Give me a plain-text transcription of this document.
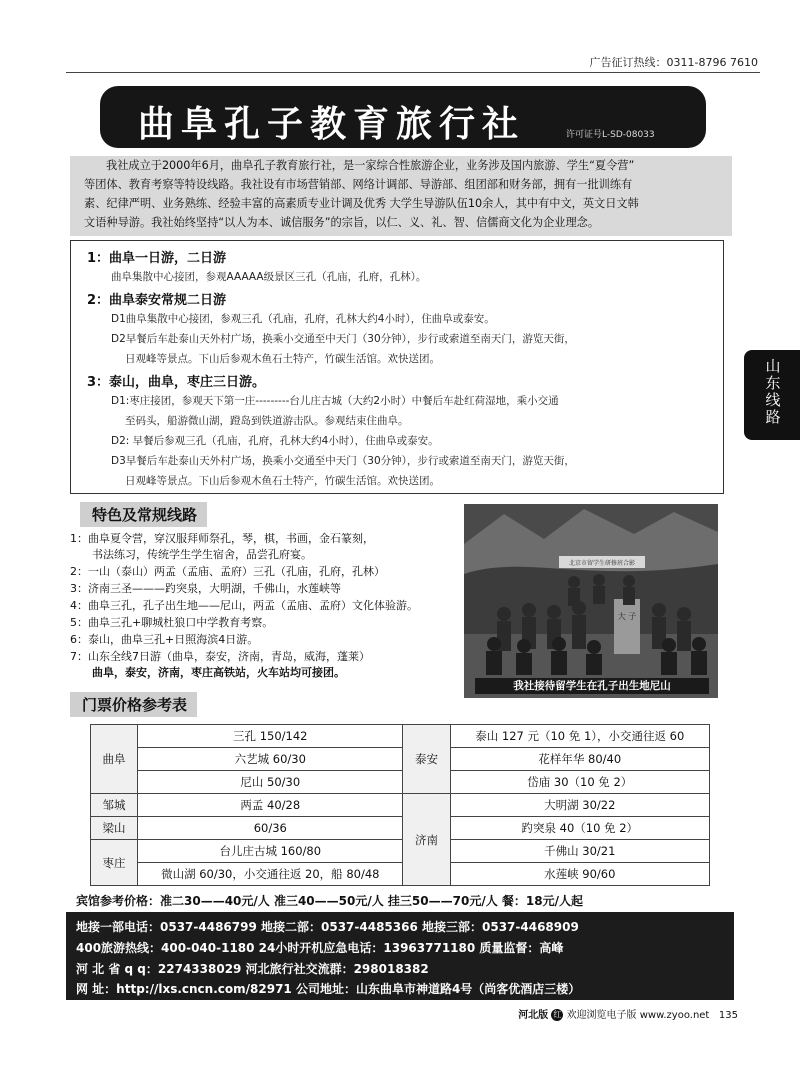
广告征订热线：0311-8796 7610
曲阜孔子教育旅行社	许可证号L-SD-08033
我社成立于2000年6月，曲阜孔子教育旅行社，是一家综合性旅游企业，业务涉及国内旅游、学生“夏令营”
等团体、教育考察等特设线路。我社设有市场营销部、网络计调部、导游部、组团部和财务部，拥有一批训练有
素、纪律严明、业务熟练、经验丰富的高素质专业计调及优秀 大学生导游队伍10余人，其中有中文，英文日文韩
文语种导游。我社始终坚持“以人为本、诚信服务”的宗旨，以仁、义、礼、智、信儒商文化为企业理念。
1：曲阜一日游，二日游
曲阜集散中心接团，参观AAAAA级景区三孔（孔庙，孔府，孔林）。
2：曲阜泰安常规二日游
D1曲阜集散中心接团，参观三孔（孔庙，孔府，孔林大约4小时），住曲阜或泰安。
D2早餐后车赴泰山天外村广场，换乘小交通至中天门（30分钟），步行或索道至南天门，游览天街，
日观峰等景点。下山后参观木鱼石土特产，竹碳生活馆。欢快送团。
3：泰山，曲阜，枣庄三日游。
D1:枣庄接团，参观天下第一庄---------台儿庄古城（大约2小时）中餐后车赴红荷湿地，乘小交通
至码头，船游微山湖，蹬岛到铁道游击队。参观结束住曲阜。
D2: 早餐后参观三孔（孔庙，孔府，孔林大约4小时），住曲阜或泰安。
D3早餐后车赴泰山天外村广场，换乘小交通至中天门（30分钟），步行或索道至南天门，游览天街，
日观峰等景点。下山后参观木鱼石土特产，竹碳生活馆。欢快送团。
山
东
线
路
特色及常规线路
1：曲阜夏令营，穿汉服拜师祭孔，琴，棋，书画，金石篆刻，
书法练习，传统学生学生宿舍，品尝孔府宴。
2：一山（泰山）两孟（孟庙、孟府）三孔（孔庙，孔府，孔林）
3：济南三圣———趵突泉，大明湖，千佛山，水莲峡等
4：曲阜三孔，孔子出生地——尼山，两孟（孟庙、孟府）文化体验游。
5：曲阜三孔+聊城杜狼口中学教育考察。
6：泰山，曲阜三孔+日照海滨4日游。
7：山东全线7日游（曲阜，泰安，济南，青岛，威海，蓬莱）
曲阜，泰安，济南，枣庄高铁站，火车站均可接团。
北京市留学生研修班合影
大 子
我社接待留学生在孔子出生地尼山
门票价格参考表
曲阜	三孔 150/142	泰安	泰山 127 元（10 免 1），小交通往返 60
	六艺城 60/30		花样年华 80/40
	尼山 50/30		岱庙 30（10 免 2）
邹城	两孟 40/28	济南	大明湖 30/22
梁山	60/36		趵突泉 40（10 免 2）
枣庄	台儿庄古城 160/80		千佛山 30/21
	微山湖 60/30，小交通往返 20，船 80/48		水莲峡 90/60
宾馆参考价格：准二30——40元/人 准三40——50元/人 挂三50——70元/人 餐：18元/人起
地接一部电话：0537-4486799 地接二部：0537-4485366 地接三部：0537-4468909
400旅游热线：400-040-1180 24小时开机应急电话：13963771180 质量监督：高峰
河 北 省 q q：2274338029 河北旅行社交流群：298018382
网 址：http://lxs.cncn.com/82971 公司地址：山东曲阜市神道路4号（尚客优酒店三楼）
河北版 红 欢迎浏览电子版 www.zyoo.net 135
